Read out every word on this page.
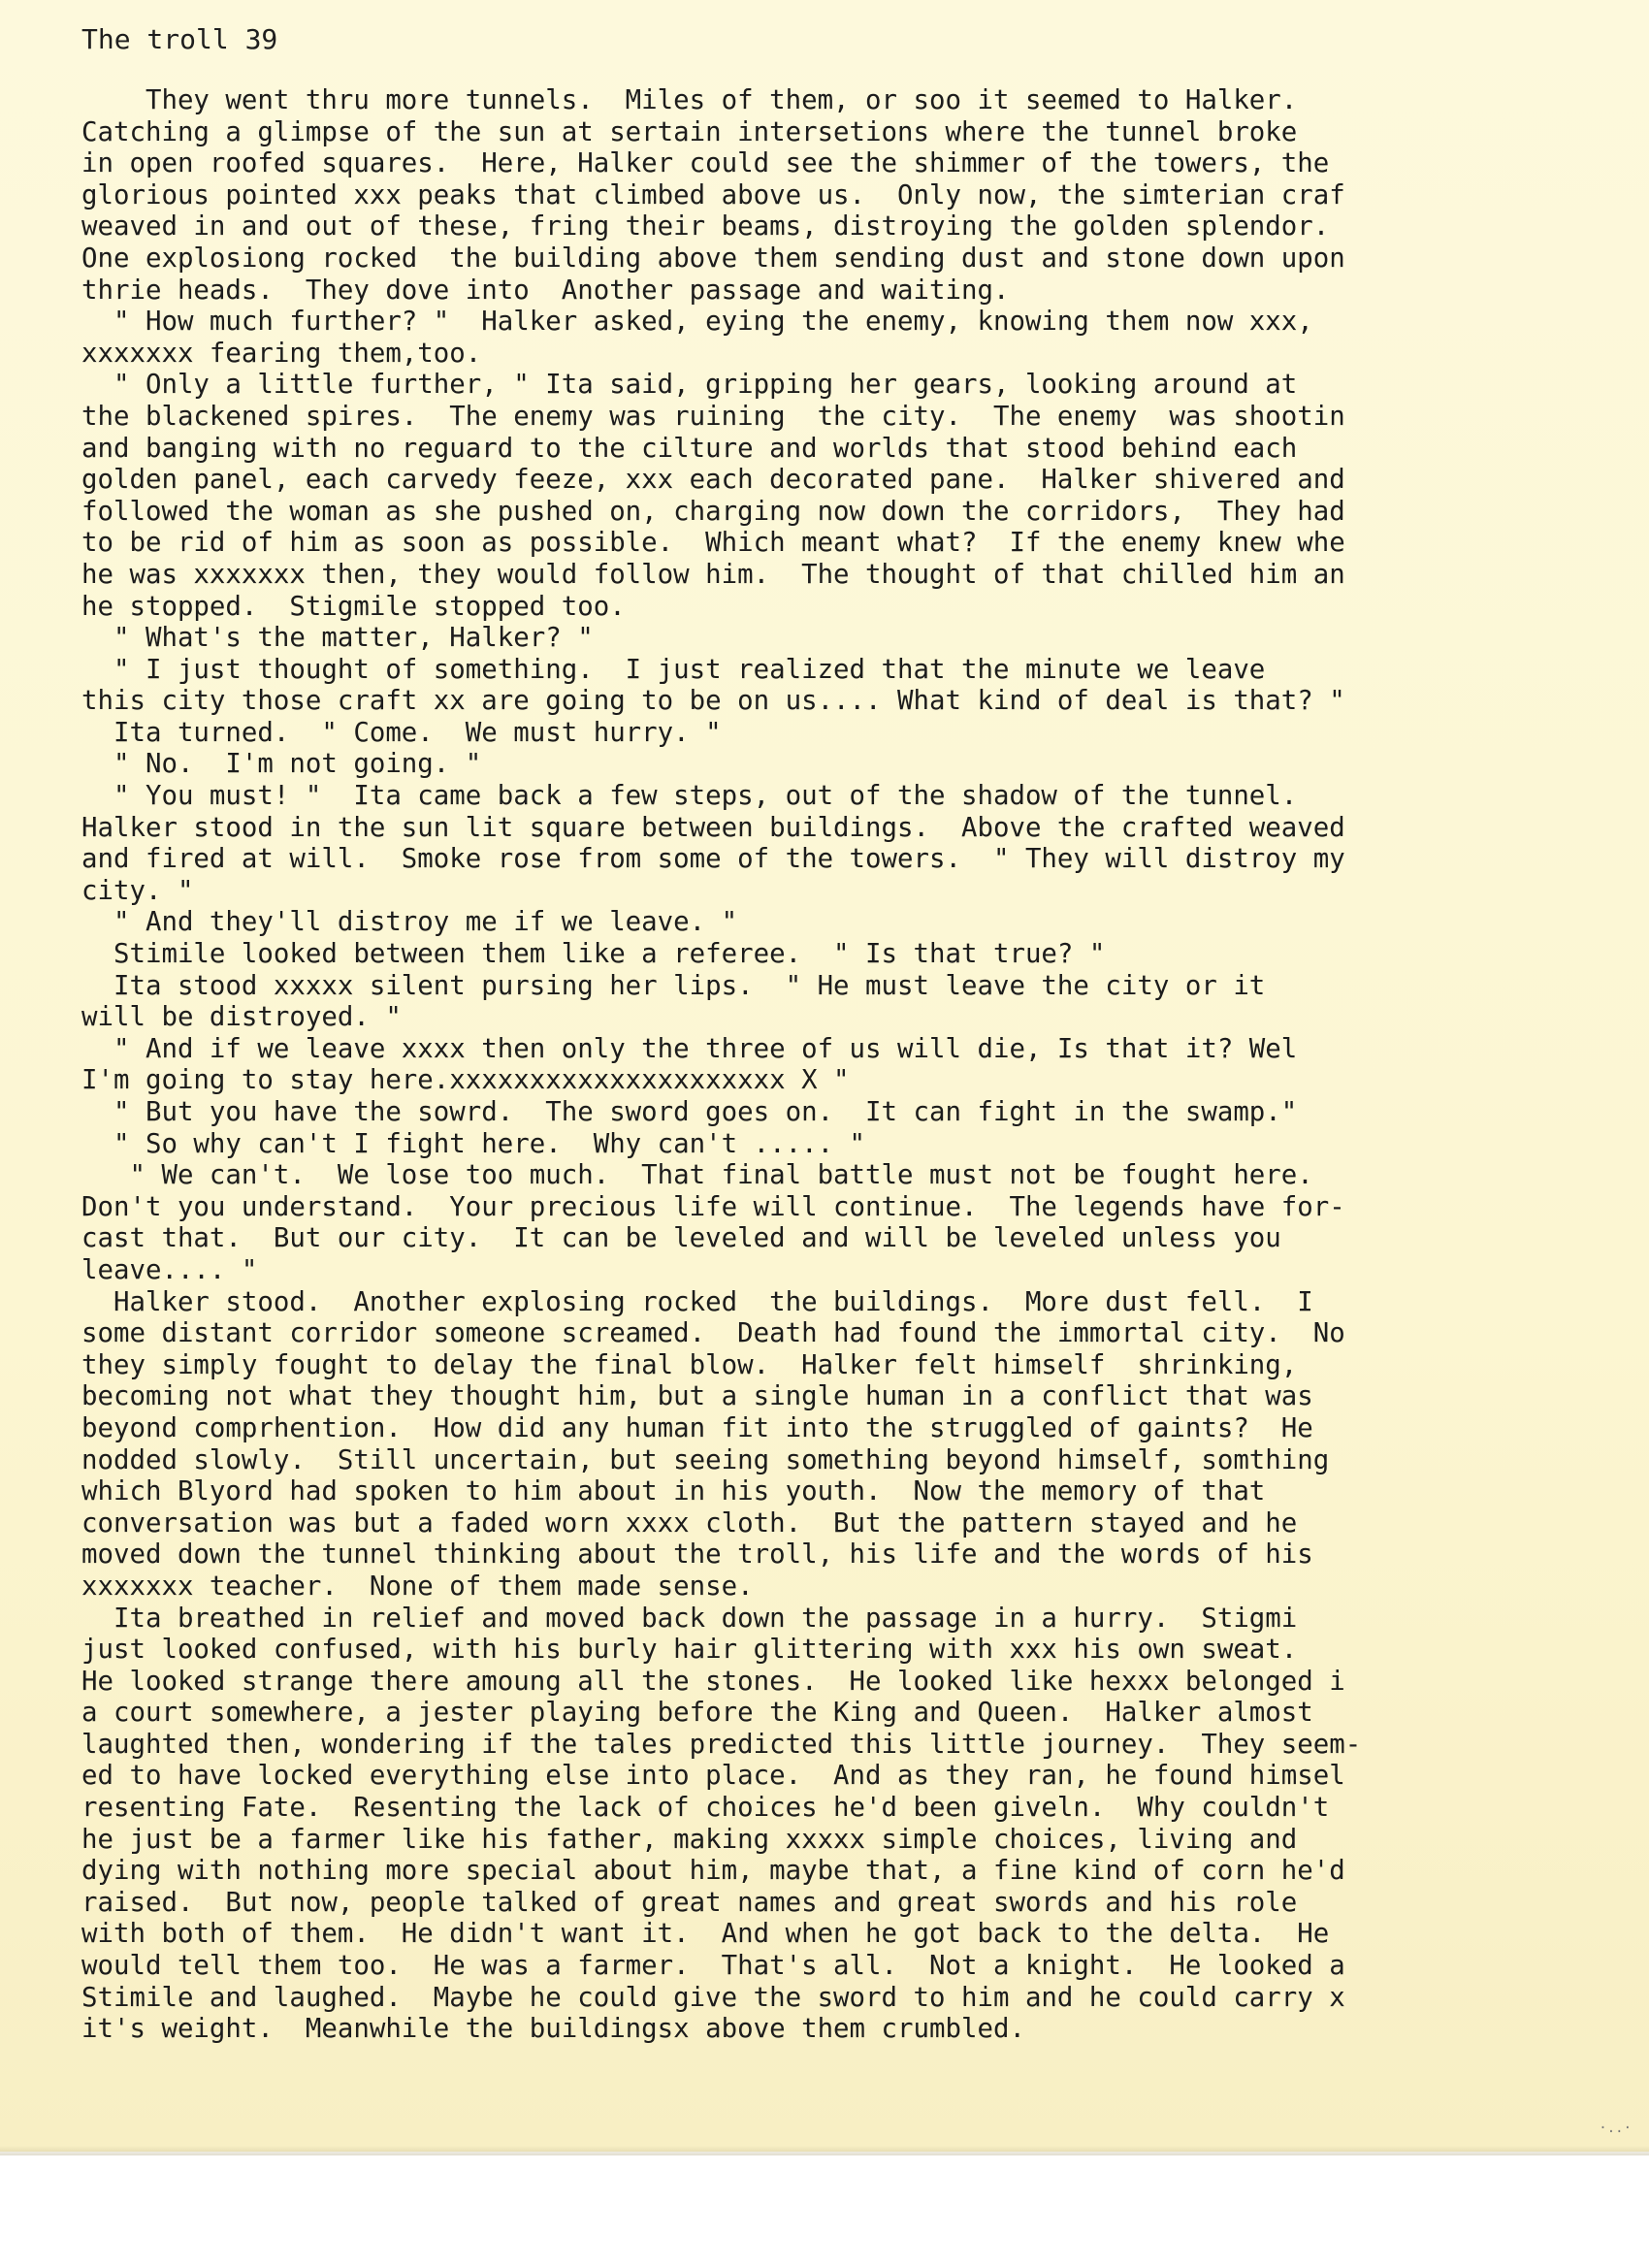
The troll 39
They went thru more tunnels.  Miles of them, or soo it seemed to Halker.
Catching a glimpse of the sun at sertain intersetions where the tunnel broke
in open roofed squares.  Here, Halker could see the shimmer of the towers, the
glorious pointed xxx peaks that climbed above us.  Only now, the simterian craf
weaved in and out of these, fring their beams, distroying the golden splendor.
One explosiong rocked  the building above them sending dust and stone down upon
thrie heads.  They dove into  Another passage and waiting.
" How much further? "  Halker asked, eying the enemy, knowing them now xxx,
xxxxxxx fearing them,too.
" Only a little further, " Ita said, gripping her gears, looking around at
the blackened spires.  The enemy was ruining  the city.  The enemy  was shootin
and banging with no reguard to the cilture and worlds that stood behind each
golden panel, each carvedy feeze, xxx each decorated pane.  Halker shivered and
followed the woman as she pushed on, charging now down the corridors,  They had
to be rid of him as soon as possible.  Which meant what?  If the enemy knew whe
he was xxxxxxx then, they would follow him.  The thought of that chilled him an
he stopped.  Stigmile stopped too.
" What's the matter, Halker? "
" I just thought of something.  I just realized that the minute we leave
this city those craft xx are going to be on us.... What kind of deal is that? "
Ita turned.  " Come.  We must hurry. "
" No.  I'm not going. "
" You must! "  Ita came back a few steps, out of the shadow of the tunnel.
Halker stood in the sun lit square between buildings.  Above the crafted weaved
and fired at will.  Smoke rose from some of the towers.  " They will distroy my
city. "
" And they'll distroy me if we leave. "
Stimile looked between them like a referee.  " Is that true? "
Ita stood xxxxx silent pursing her lips.  " He must leave the city or it
will be distroyed. "
" And if we leave xxxx then only the three of us will die, Is that it? Wel
I'm going to stay here.xxxxxxxxxxxxxxxxxxxxx X "
" But you have the sowrd.  The sword goes on.  It can fight in the swamp."
" So why can't I fight here.  Why can't ..... "
" We can't.  We lose too much.  That final battle must not be fought here.
Don't you understand.  Your precious life will continue.  The legends have for-
cast that.  But our city.  It can be leveled and will be leveled unless you
leave.... "
Halker stood.  Another explosing rocked  the buildings.  More dust fell.  I
some distant corridor someone screamed.  Death had found the immortal city.  No
they simply fought to delay the final blow.  Halker felt himself  shrinking,
becoming not what they thought him, but a single human in a conflict that was
beyond comprhention.  How did any human fit into the struggled of gaints?  He
nodded slowly.  Still uncertain, but seeing something beyond himself, somthing
which Blyord had spoken to him about in his youth.  Now the memory of that
conversation was but a faded worn xxxx cloth.  But the pattern stayed and he
moved down the tunnel thinking about the troll, his life and the words of his
xxxxxxx teacher.  None of them made sense.
Ita breathed in relief and moved back down the passage in a hurry.  Stigmi
just looked confused, with his burly hair glittering with xxx his own sweat.
He looked strange there amoung all the stones.  He looked like hexxx belonged i
a court somewhere, a jester playing before the King and Queen.  Halker almost
laughted then, wondering if the tales predicted this little journey.  They seem-
ed to have locked everything else into place.  And as they ran, he found himsel
resenting Fate.  Resenting the lack of choices he'd been giveln.  Why couldn't
he just be a farmer like his father, making xxxxx simple choices, living and
dying with nothing more special about him, maybe that, a fine kind of corn he'd
raised.  But now, people talked of great names and great swords and his role
with both of them.  He didn't want it.  And when he got back to the delta.  He
would tell them too.  He was a farmer.  That's all.  Not a knight.  He looked a
Stimile and laughed.  Maybe he could give the sword to him and he could carry x
it's weight.  Meanwhile the buildingsx above them crumbled.
·..·
